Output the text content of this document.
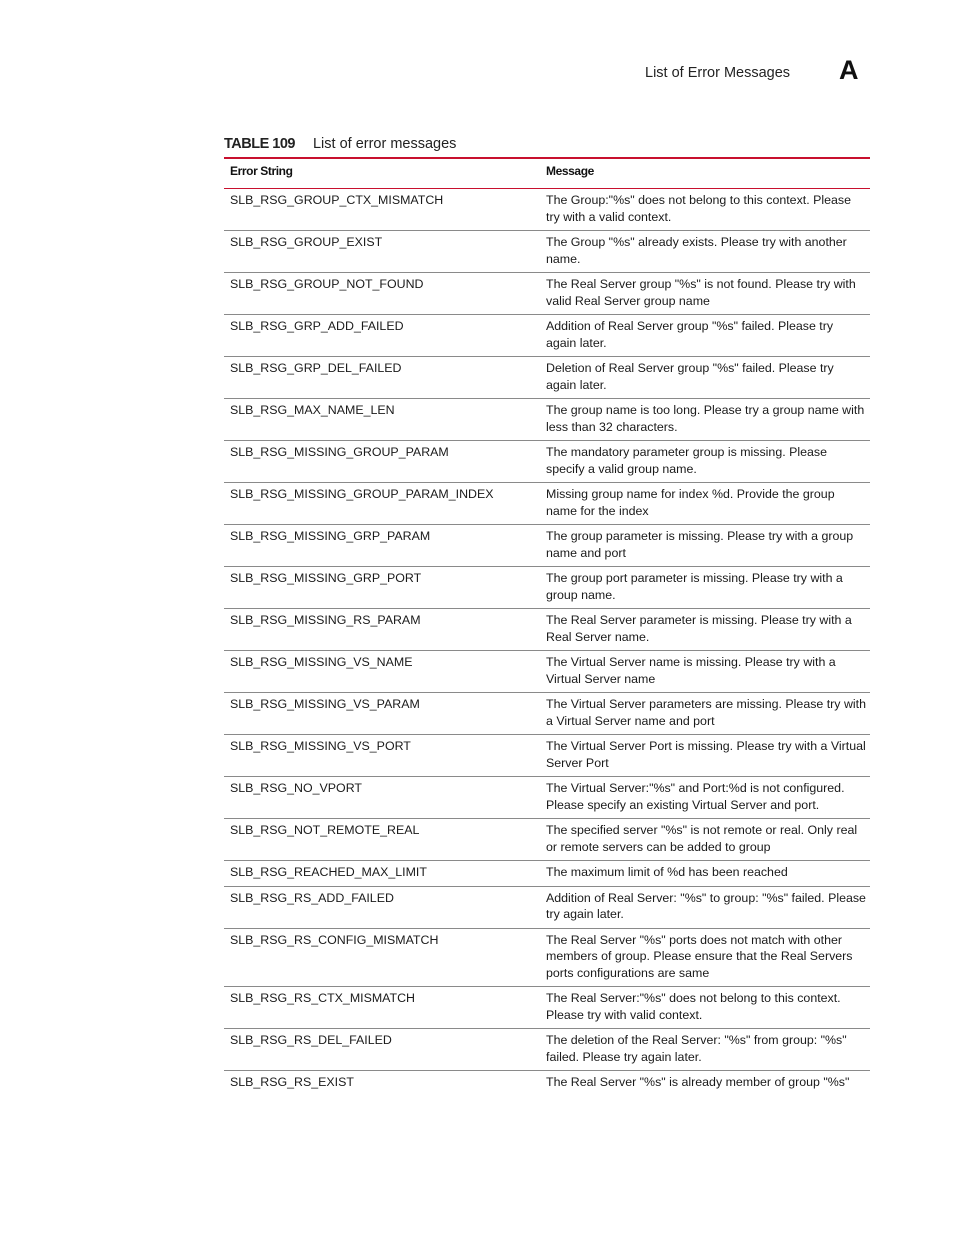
List of Error Messages A
TABLE 109 List of error messages
Error String	Message
SLB_RSG_GROUP_CTX_MISMATCH	The Group:"%s" does not belong to this context. Please try with a valid context.
SLB_RSG_GROUP_EXIST	The Group "%s" already exists. Please try with another name.
SLB_RSG_GROUP_NOT_FOUND	The Real Server group "%s" is not found. Please try with valid Real Server group name
SLB_RSG_GRP_ADD_FAILED	Addition of Real Server group "%s" failed. Please try again later.
SLB_RSG_GRP_DEL_FAILED	Deletion of Real Server group "%s" failed. Please try again later.
SLB_RSG_MAX_NAME_LEN	The group name is too long. Please try a group name with less than 32 characters.
SLB_RSG_MISSING_GROUP_PARAM	The mandatory parameter group is missing. Please specify a valid group name.
SLB_RSG_MISSING_GROUP_PARAM_INDEX	Missing group name for index %d. Provide the group name for the index
SLB_RSG_MISSING_GRP_PARAM	The group parameter is missing. Please try with a group name and port
SLB_RSG_MISSING_GRP_PORT	The group port parameter is missing. Please try with a group name.
SLB_RSG_MISSING_RS_PARAM	The Real Server parameter is missing. Please try with a Real Server name.
SLB_RSG_MISSING_VS_NAME	The Virtual Server name is missing. Please try with a Virtual Server name
SLB_RSG_MISSING_VS_PARAM	The Virtual Server parameters are missing. Please try with a Virtual Server name and port
SLB_RSG_MISSING_VS_PORT	The Virtual Server Port is missing. Please try with a Virtual Server Port
SLB_RSG_NO_VPORT	The Virtual Server:"%s" and Port:%d is not configured. Please specify an existing Virtual Server and port.
SLB_RSG_NOT_REMOTE_REAL	The specified server "%s" is not remote or real. Only real or remote servers can be added to group
SLB_RSG_REACHED_MAX_LIMIT	The maximum limit of %d has been reached
SLB_RSG_RS_ADD_FAILED	Addition of Real Server: "%s" to group: "%s" failed. Please try again later.
SLB_RSG_RS_CONFIG_MISMATCH	The Real Server "%s" ports does not match with other members of group. Please ensure that the Real Servers ports configurations are same
SLB_RSG_RS_CTX_MISMATCH	The Real Server:"%s" does not belong to this context. Please try with valid context.
SLB_RSG_RS_DEL_FAILED	The deletion of the Real Server: "%s" from group: "%s" failed. Please try again later.
SLB_RSG_RS_EXIST	The Real Server "%s" is already member of group "%s"
